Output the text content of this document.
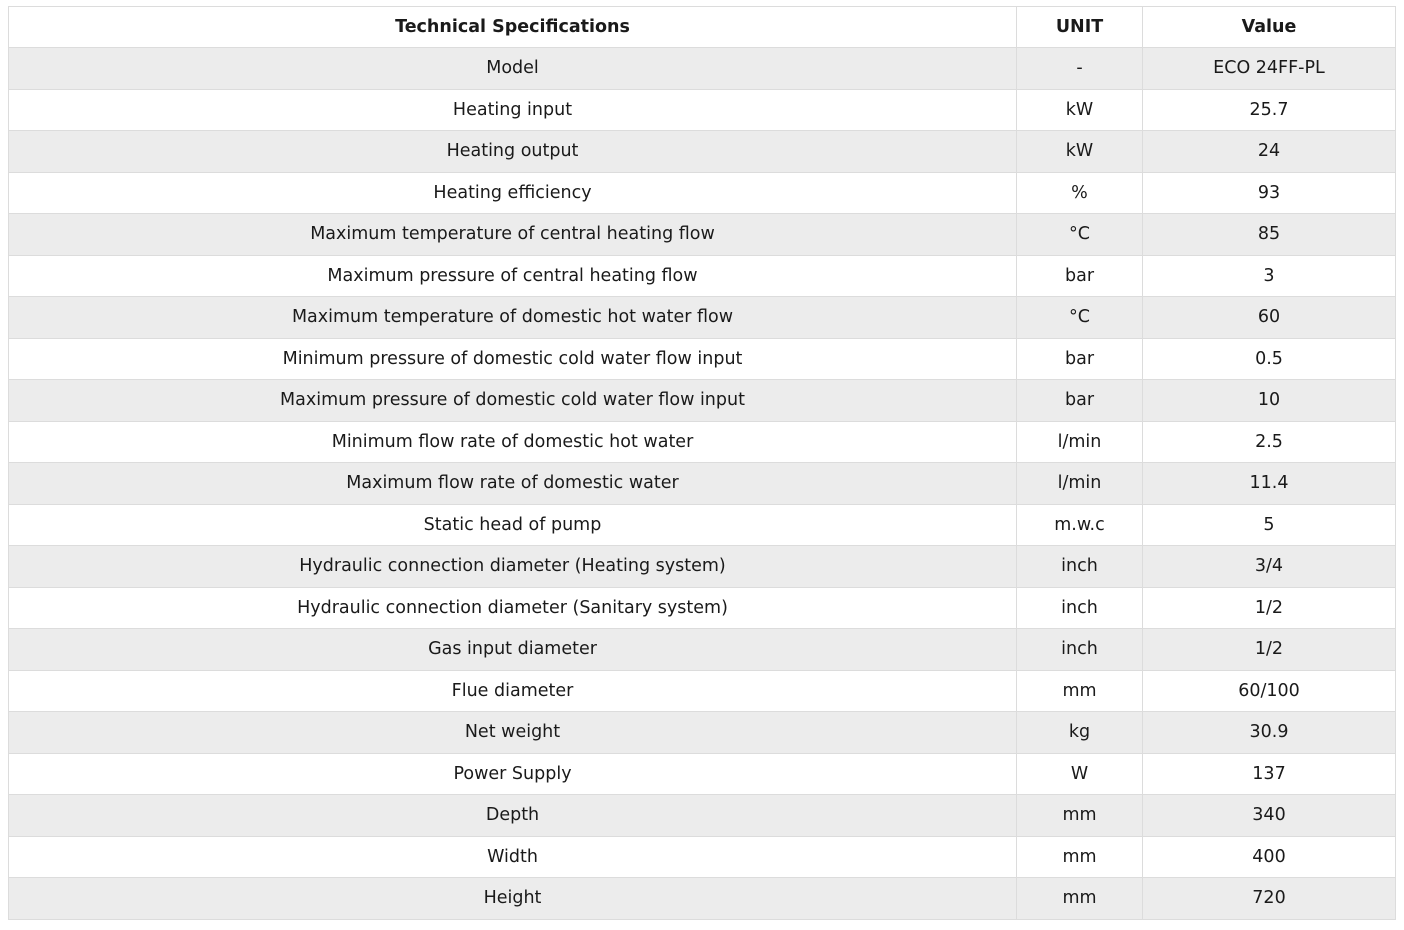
Technical Specifications	UNIT	Value
Model	-	ECO 24FF-PL
Heating input	kW	25.7
Heating output	kW	24
Heating efficiency	%	93
Maximum temperature of central heating flow	°C	85
Maximum pressure of central heating flow	bar	3
Maximum temperature of domestic hot water flow	°C	60
Minimum pressure of domestic cold water flow input	bar	0.5
Maximum pressure of domestic cold water flow input	bar	10
Minimum flow rate of domestic hot water	l/min	2.5
Maximum flow rate of domestic water	l/min	11.4
Static head of pump	m.w.c	5
Hydraulic connection diameter (Heating system)	inch	3/4
Hydraulic connection diameter (Sanitary system)	inch	1/2
Gas input diameter	inch	1/2
Flue diameter	mm	60/100
Net weight	kg	30.9
Power Supply	W	137
Depth	mm	340
Width	mm	400
Height	mm	720
